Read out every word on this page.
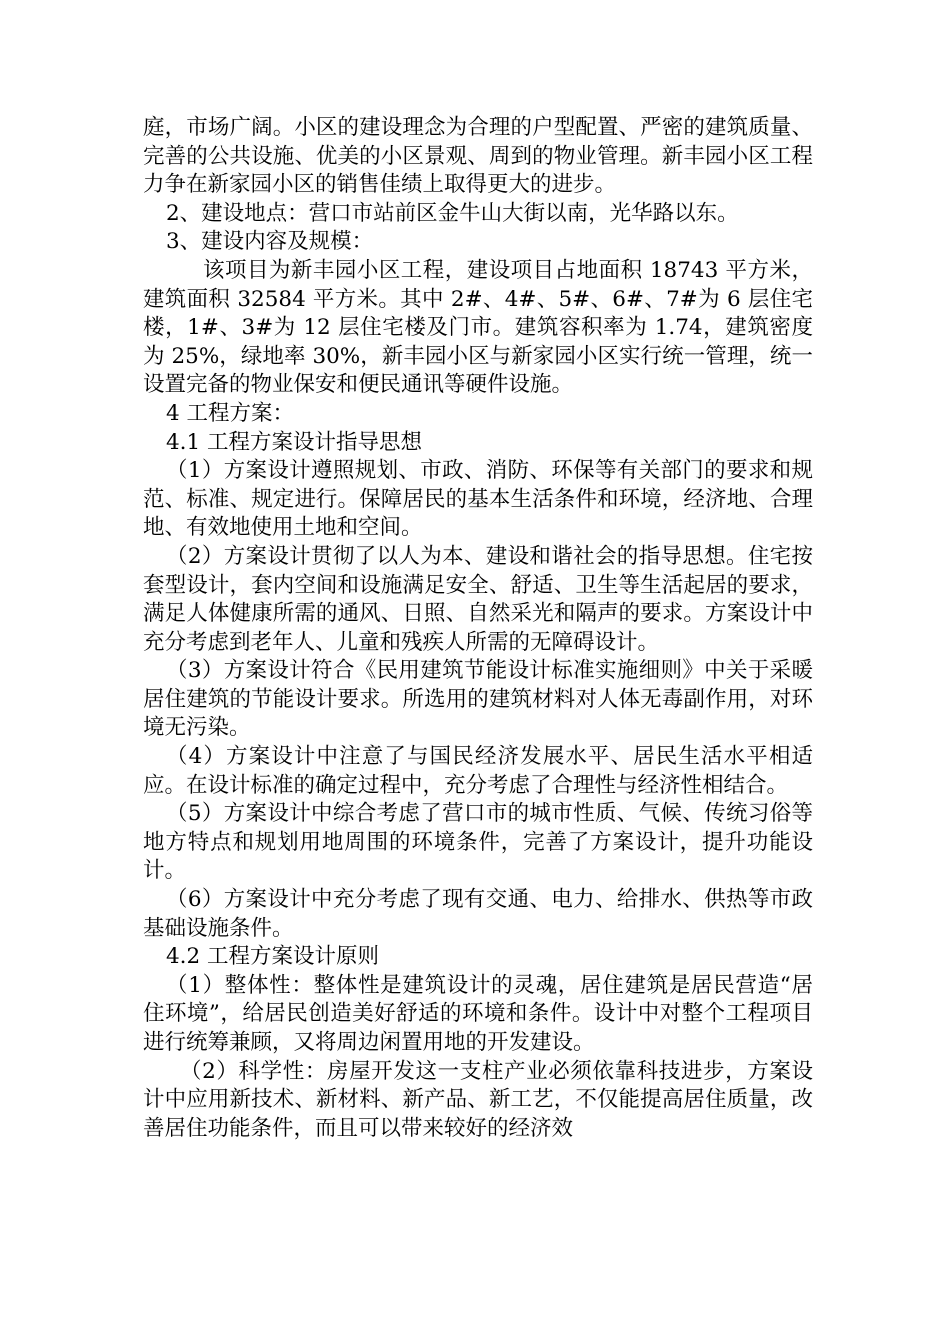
庭，市场广阔。小区的建设理念为合理的户型配置、严密的建筑质量、完善的公共设施、优美的小区景观、周到的物业管理。新丰园小区工程力争在新家园小区的销售佳绩上取得更大的进步。

2、建设地点：营口市站前区金牛山大街以南，光华路以东。

3、建设内容及规模：

该项目为新丰园小区工程，建设项目占地面积 18743 平方米，建筑面积 32584 平方米。其中 2#、4#、5#、6#、7#为 6 层住宅楼，1#、3#为 12 层住宅楼及门市。建筑容积率为 1.74，建筑密度为 25%，绿地率 30%，新丰园小区与新家园小区实行统一管理，统一设置完备的物业保安和便民通讯等硬件设施。

4 工程方案：

4.1 工程方案设计指导思想

（1）方案设计遵照规划、市政、消防、环保等有关部门的要求和规范、标准、规定进行。保障居民的基本生活条件和环境，经济地、合理地、有效地使用土地和空间。

（2）方案设计贯彻了以人为本、建设和谐社会的指导思想。住宅按套型设计，套内空间和设施满足安全、舒适、卫生等生活起居的要求，满足人体健康所需的通风、日照、自然采光和隔声的要求。方案设计中充分考虑到老年人、儿童和残疾人所需的无障碍设计。

（3）方案设计符合《民用建筑节能设计标准实施细则》中关于采暖居住建筑的节能设计要求。所选用的建筑材料对人体无毒副作用，对环境无污染。

（4）方案设计中注意了与国民经济发展水平、居民生活水平相适应。在设计标准的确定过程中，充分考虑了合理性与经济性相结合。

（5）方案设计中综合考虑了营口市的城市性质、气候、传统习俗等地方特点和规划用地周围的环境条件，完善了方案设计，提升功能设计。

（6）方案设计中充分考虑了现有交通、电力、给排水、供热等市政基础设施条件。

4.2 工程方案设计原则

（1）整体性：整体性是建筑设计的灵魂，居住建筑是居民营造“居住环境”，给居民创造美好舒适的环境和条件。设计中对整个工程项目进行统筹兼顾，又将周边闲置用地的开发建设。

（2）科学性：房屋开发这一支柱产业必须依靠科技进步，方案设计中应用新技术、新材料、新产品、新工艺，不仅能提高居住质量，改善居住功能条件，而且可以带来较好的经济效
